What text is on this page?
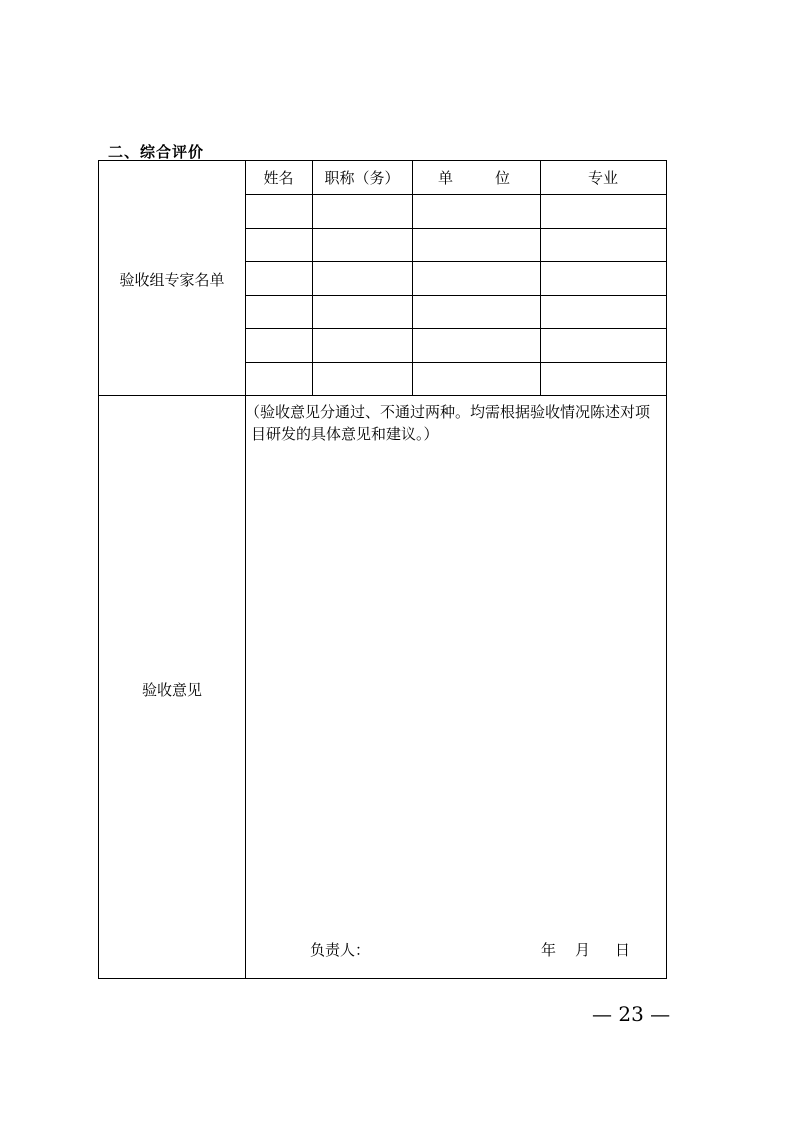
二、综合评价
姓名	职称（务）	单　　位	专业
验收组专家名单
验收意见
（验收意见分通过、不通过两种。均需根据验收情况陈述对项目研发的具体意见和建议。）
负责人：	年 月 日
— 23 —
